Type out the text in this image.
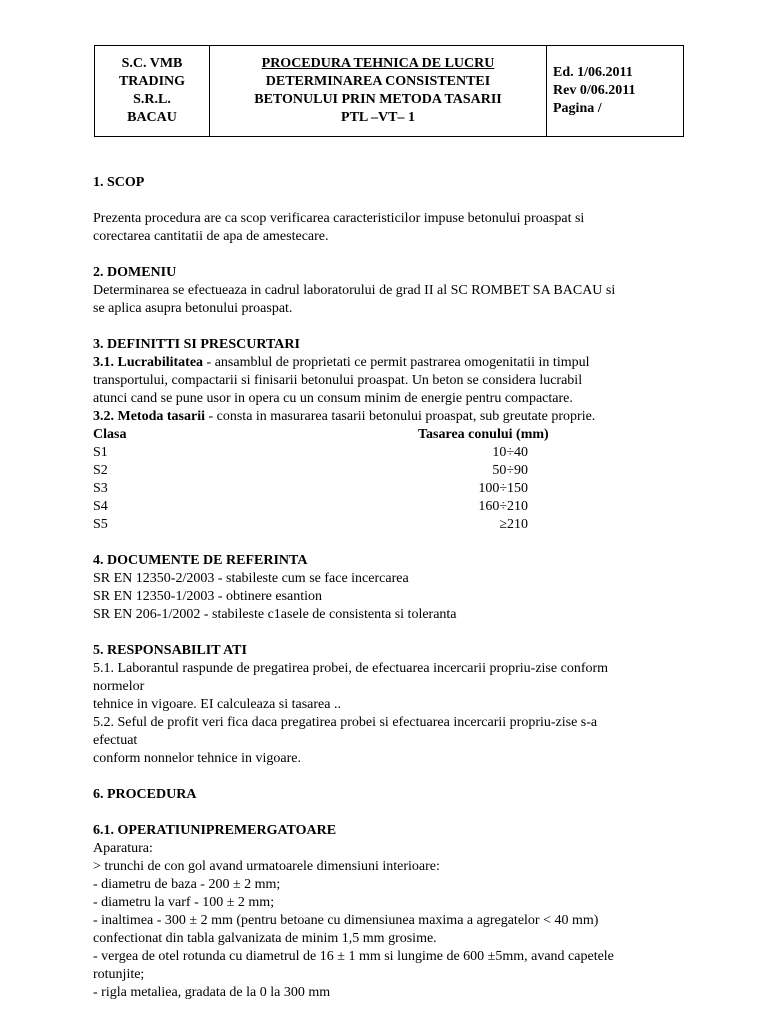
S.C. VMB
TRADING
S.R.L.
BACAU

PROCEDURA TEHNICA DE LUCRU
DETERMINAREA CONSISTENTEI
BETONULUI PRIN METODA TASARII
PTL –VT– 1

Ed. 1/06.2011
Rev 0/06.2011
Pagina /
1. SCOP
Prezenta procedura are ca scop verificarea caracteristicilor impuse betonului proaspat si
corectarea cantitatii de apa de amestecare.
2. DOMENIU
Determinarea se efectueaza in cadrul laboratorului de grad II al SC ROMBET SA BACAU si
se aplica asupra betonului proaspat.
3. DEFINITTI SI PRESCURTARI
3.1. Lucrabilitatea - ansamblul de proprietati ce permit pastrarea omogenitatii in timpul
transportului, compactarii si finisarii betonului proaspat. Un beton se considera lucrabil
atunci cand se pune usor in opera cu un consum minim de energie pentru compactare.
3.2. Metoda tasarii - consta in masurarea tasarii betonului proaspat, sub greutate proprie.
Clasa	Tasarea conului (mm)
S1	10÷40
S2	50÷90
S3	100÷150
S4	160÷210
S5	≥210
4. DOCUMENTE DE REFERINTA
SR EN 12350-2/2003 - stabileste cum se face incercarea
SR EN 12350-1/2003 - obtinere esantion
SR EN 206-1/2002 - stabileste c1asele de consistenta si toleranta
5. RESPONSABILIT ATI
5.1. Laborantul raspunde de pregatirea probei, de efectuarea incercarii propriu-zise conform
normelor
tehnice in vigoare. EI calculeaza si tasarea ..
5.2. Seful de profit veri fica daca pregatirea probei si efectuarea incercarii propriu-zise s-a
efectuat
conform nonnelor tehnice in vigoare.
6. PROCEDURA
6.1. OPERATIUNIPREMERGATOARE
Aparatura:
> trunchi de con gol avand urmatoarele dimensiuni interioare:
- diametru de baza - 200 ± 2 mm;
- diametru la varf - 100 ± 2 mm;
- inaltimea - 300 ± 2 mm (pentru betoane cu dimensiunea maxima a agregatelor < 40 mm)
confectionat din tabla galvanizata de minim 1,5 mm grosime.
- vergea de otel rotunda cu diametrul de 16 ± 1 mm si lungime de 600 ±5mm, avand capetele
rotunjite;
- rigla metaliea, gradata de la 0 la 300 mm
